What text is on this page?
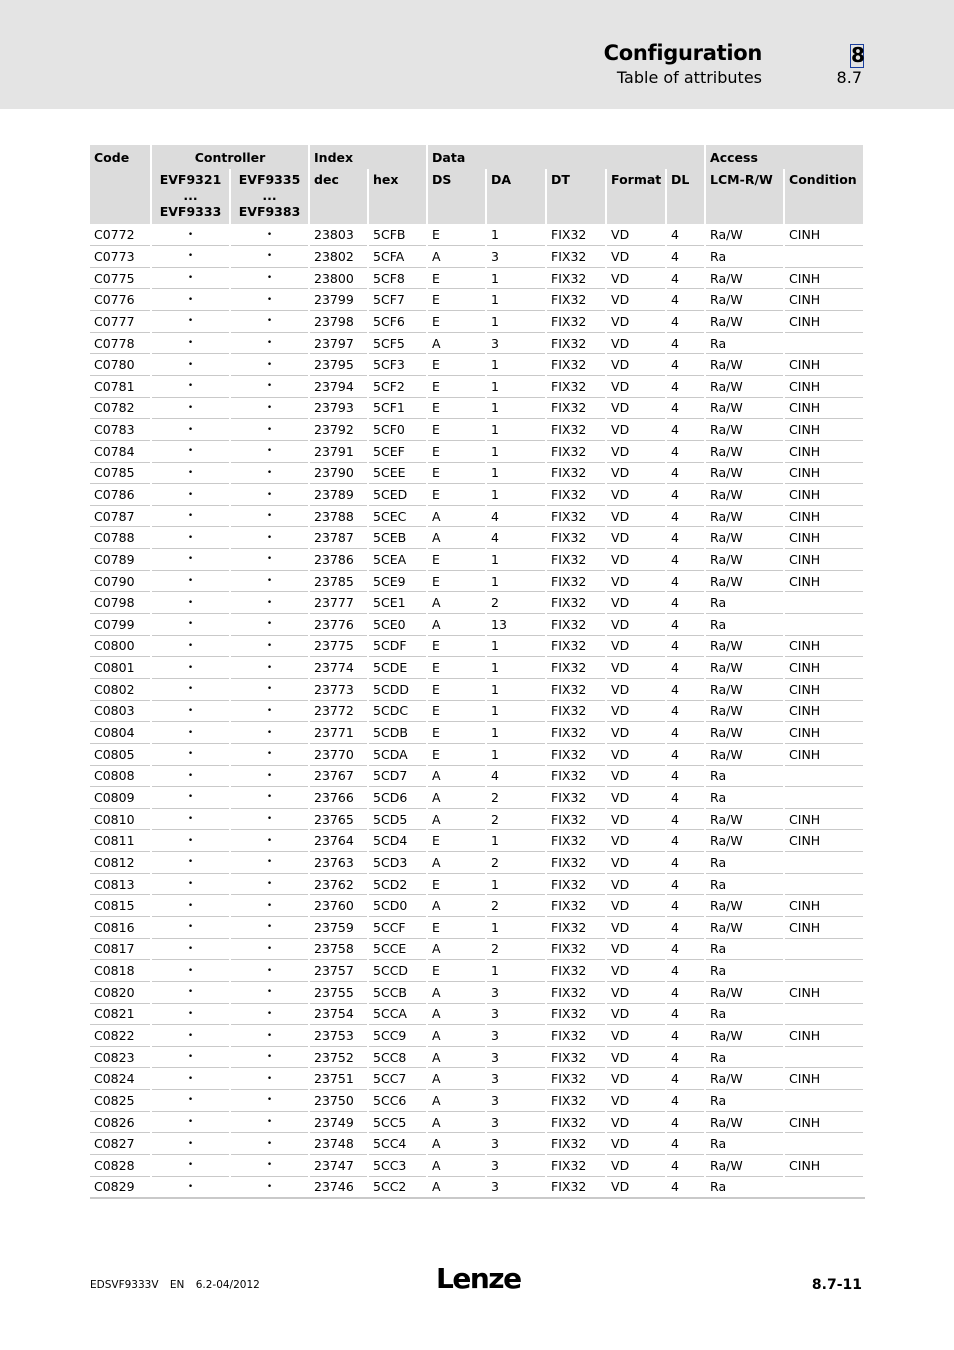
Configuration
Table of attributes
8
8.7
Code	Controller		Index		Data					Access	

	EVF9321
...
EVF9333	EVF9335
...
EVF9383	dec	hex	DS	DA	DT	Format	DL	LCM-R/W	Condition
C0772	•	•	23803	5CFB	E	1	FIX32	VD	4	Ra/W	CINH
C0773	•	•	23802	5CFA	A	3	FIX32	VD	4	Ra	
C0775	•	•	23800	5CF8	E	1	FIX32	VD	4	Ra/W	CINH
C0776	•	•	23799	5CF7	E	1	FIX32	VD	4	Ra/W	CINH
C0777	•	•	23798	5CF6	E	1	FIX32	VD	4	Ra/W	CINH
C0778	•	•	23797	5CF5	A	3	FIX32	VD	4	Ra	
C0780	•	•	23795	5CF3	E	1	FIX32	VD	4	Ra/W	CINH
C0781	•	•	23794	5CF2	E	1	FIX32	VD	4	Ra/W	CINH
C0782	•	•	23793	5CF1	E	1	FIX32	VD	4	Ra/W	CINH
C0783	•	•	23792	5CF0	E	1	FIX32	VD	4	Ra/W	CINH
C0784	•	•	23791	5CEF	E	1	FIX32	VD	4	Ra/W	CINH
C0785	•	•	23790	5CEE	E	1	FIX32	VD	4	Ra/W	CINH
C0786	•	•	23789	5CED	E	1	FIX32	VD	4	Ra/W	CINH
C0787	•	•	23788	5CEC	A	4	FIX32	VD	4	Ra/W	CINH
C0788	•	•	23787	5CEB	A	4	FIX32	VD	4	Ra/W	CINH
C0789	•	•	23786	5CEA	E	1	FIX32	VD	4	Ra/W	CINH
C0790	•	•	23785	5CE9	E	1	FIX32	VD	4	Ra/W	CINH
C0798	•	•	23777	5CE1	A	2	FIX32	VD	4	Ra	
C0799	•	•	23776	5CE0	A	13	FIX32	VD	4	Ra	
C0800	•	•	23775	5CDF	E	1	FIX32	VD	4	Ra/W	CINH
C0801	•	•	23774	5CDE	E	1	FIX32	VD	4	Ra/W	CINH
C0802	•	•	23773	5CDD	E	1	FIX32	VD	4	Ra/W	CINH
C0803	•	•	23772	5CDC	E	1	FIX32	VD	4	Ra/W	CINH
C0804	•	•	23771	5CDB	E	1	FIX32	VD	4	Ra/W	CINH
C0805	•	•	23770	5CDA	E	1	FIX32	VD	4	Ra/W	CINH
C0808	•	•	23767	5CD7	A	4	FIX32	VD	4	Ra	
C0809	•	•	23766	5CD6	A	2	FIX32	VD	4	Ra	
C0810	•	•	23765	5CD5	A	2	FIX32	VD	4	Ra/W	CINH
C0811	•	•	23764	5CD4	E	1	FIX32	VD	4	Ra/W	CINH
C0812	•	•	23763	5CD3	A	2	FIX32	VD	4	Ra	
C0813	•	•	23762	5CD2	E	1	FIX32	VD	4	Ra	
C0815	•	•	23760	5CD0	A	2	FIX32	VD	4	Ra/W	CINH
C0816	•	•	23759	5CCF	E	1	FIX32	VD	4	Ra/W	CINH
C0817	•	•	23758	5CCE	A	2	FIX32	VD	4	Ra	
C0818	•	•	23757	5CCD	E	1	FIX32	VD	4	Ra	
C0820	•	•	23755	5CCB	A	3	FIX32	VD	4	Ra/W	CINH
C0821	•	•	23754	5CCA	A	3	FIX32	VD	4	Ra	
C0822	•	•	23753	5CC9	A	3	FIX32	VD	4	Ra/W	CINH
C0823	•	•	23752	5CC8	A	3	FIX32	VD	4	Ra	
C0824	•	•	23751	5CC7	A	3	FIX32	VD	4	Ra/W	CINH
C0825	•	•	23750	5CC6	A	3	FIX32	VD	4	Ra	
C0826	•	•	23749	5CC5	A	3	FIX32	VD	4	Ra/W	CINH
C0827	•	•	23748	5CC4	A	3	FIX32	VD	4	Ra	
C0828	•	•	23747	5CC3	A	3	FIX32	VD	4	Ra/W	CINH
C0829	•	•	23746	5CC2	A	3	FIX32	VD	4	Ra	
EDSVF9333V EN 6.2-04/2012	Lenze	8.7-11
